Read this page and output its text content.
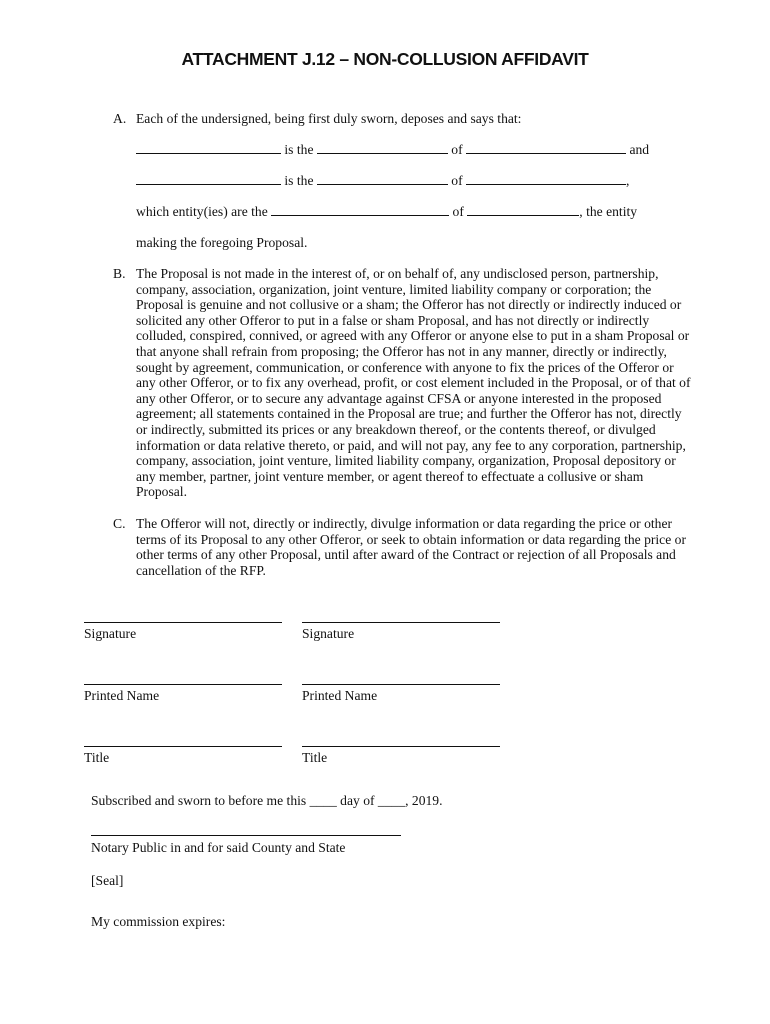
ATTACHMENT J.12 – NON-COLLUSION AFFIDAVIT
A. Each of the undersigned, being first duly sworn, deposes and says that:
is the	of	and
is the	of	,
which entity(ies) are the	of	, the entity
making the foregoing Proposal.
B. The Proposal is not made in the interest of, or on behalf of, any undisclosed person, partnership,
company, association, organization, joint venture, limited liability company or corporation; the
Proposal is genuine and not collusive or a sham; the Offeror has not directly or indirectly induced or
solicited any other Offeror to put in a false or sham Proposal, and has not directly or indirectly
colluded, conspired, connived, or agreed with any Offeror or anyone else to put in a sham Proposal or
that anyone shall refrain from proposing; the Offeror has not in any manner, directly or indirectly,
sought by agreement, communication, or conference with anyone to fix the prices of the Offeror or
any other Offeror, or to fix any overhead, profit, or cost element included in the Proposal, or of that of
any other Offeror, or to secure any advantage against CFSA or anyone interested in the proposed
agreement; all statements contained in the Proposal are true; and further the Offeror has not, directly
or indirectly, submitted its prices or any breakdown thereof, or the contents thereof, or divulged
information or data relative thereto, or paid, and will not pay, any fee to any corporation, partnership,
company, association, joint venture, limited liability company, organization, Proposal depository or
any member, partner, joint venture member, or agent thereof to effectuate a collusive or sham
Proposal.
C. The Offeror will not, directly or indirectly, divulge information or data regarding the price or other
terms of its Proposal to any other Offeror, or seek to obtain information or data regarding the price or
other terms of any other Proposal, until after award of the Contract or rejection of all Proposals and
cancellation of the RFP.
Signature	Signature
Printed Name	Printed Name
Title	Title
Subscribed and sworn to before me this ____ day of ____, 2019.
Notary Public in and for said County and State
[Seal]
My commission expires:
